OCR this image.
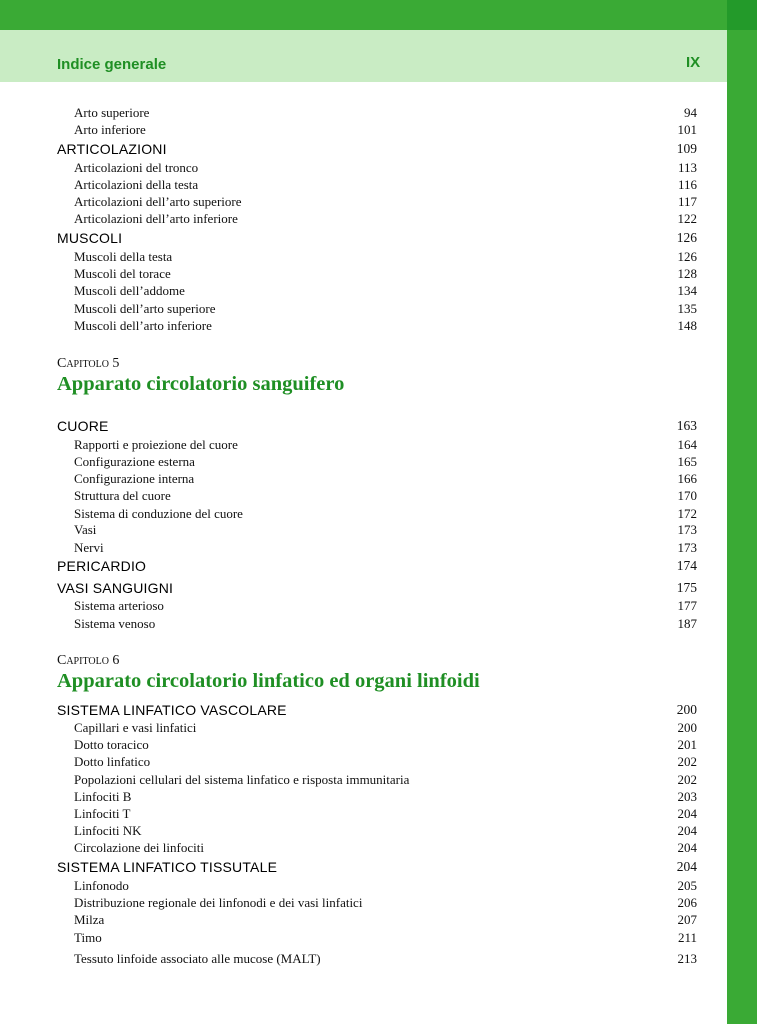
Indice generale	IX
Arto superiore	94
Arto inferiore	101
ARTICOLAZIONI	109
Articolazioni del tronco	113
Articolazioni della testa	116
Articolazioni dell’arto superiore	117
Articolazioni dell’arto inferiore	122
MUSCOLI	126
Muscoli della testa	126
Muscoli del torace	128
Muscoli dell’addome	134
Muscoli dell’arto superiore	135
Muscoli dell’arto inferiore	148
Capitolo 5
Apparato circolatorio sanguifero
CUORE	163
Rapporti e proiezione del cuore	164
Configurazione esterna	165
Configurazione interna	166
Struttura del cuore	170
Sistema di conduzione del cuore	172
Vasi	173
Nervi	173
PERICARDIO	174
VASI SANGUIGNI	175
Sistema arterioso	177
Sistema venoso	187
Capitolo 6
Apparato circolatorio linfatico ed organi linfoidi
SISTEMA LINFATICO VASCOLARE	200
Capillari e vasi linfatici	200
Dotto toracico	201
Dotto linfatico	202
Popolazioni cellulari del sistema linfatico e risposta immunitaria	202
Linfociti B	203
Linfociti T	204
Linfociti NK	204
Circolazione dei linfociti	204
SISTEMA LINFATICO TISSUTALE	204
Linfonodo	205
Distribuzione regionale dei linfonodi e dei vasi linfatici	206
Milza	207
Timo	211
Tessuto linfoide associato alle mucose (MALT)	213
